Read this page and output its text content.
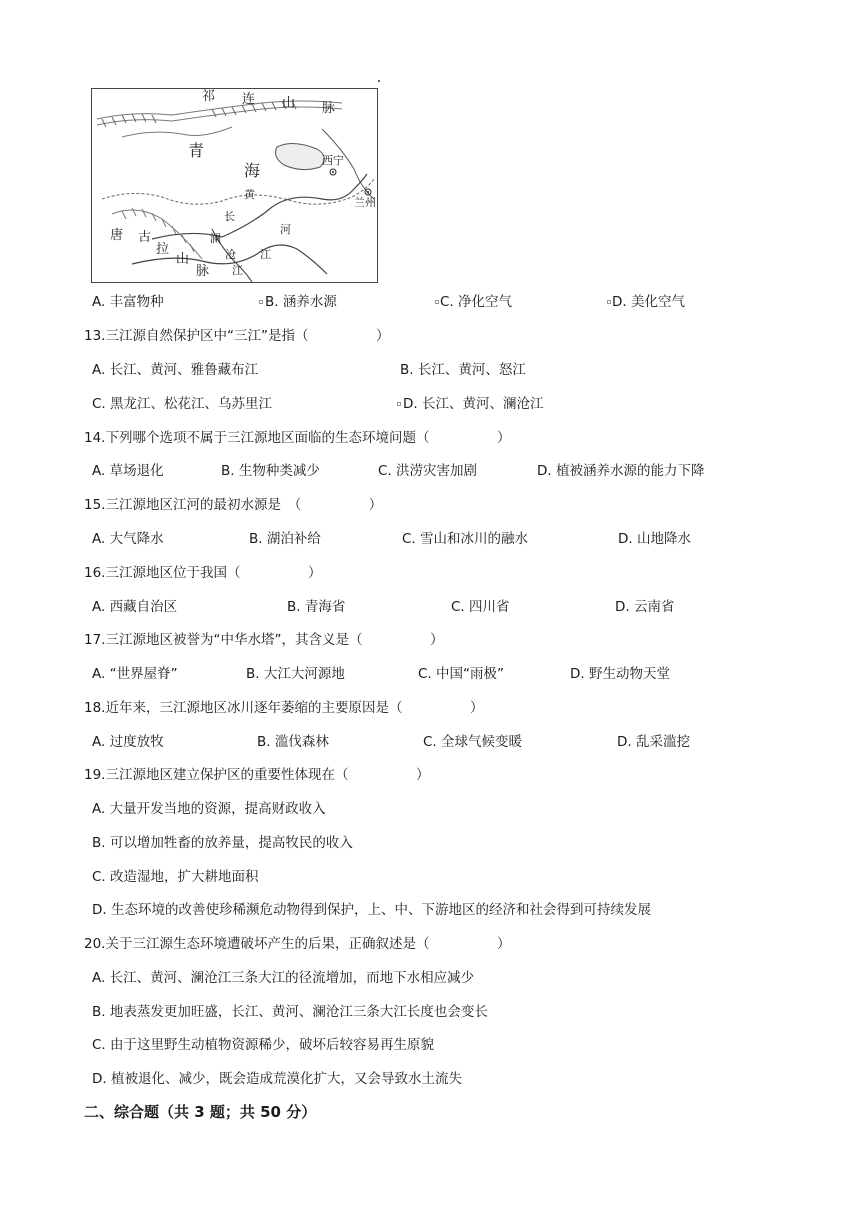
祁 连 山 脉
青
海
西宁
兰州
黄
河
长
江
澜
沧
江
唐 古
拉
山
脉
A. 丰富物种	B. 涵养水源	C. 净化空气	D. 美化空气
13.三江源自然保护区中“三江”是指（　　　　　）
A. 长江、黄河、雅鲁藏布江	B. 长江、黄河、怒江
C. 黑龙江、松花江、乌苏里江	D. 长江、黄河、澜沧江
14.下列哪个选项不属于三江源地区面临的生态环境问题（　　　　　）
A. 草场退化	B. 生物种类减少	C. 洪涝灾害加剧	D. 植被涵养水源的能力下降
15.三江源地区江河的最初水源是　（　　　　　）
A. 大气降水	B. 湖泊补给	C. 雪山和冰川的融水	D. 山地降水
16.三江源地区位于我国（　　　　　）
A. 西藏自治区	B. 青海省	C. 四川省	D. 云南省
17.三江源地区被誉为“中华水塔”，其含义是（　　　　　）
A. “世界屋脊”	B. 大江大河源地	C. 中国“雨极”	D. 野生动物天堂
18.近年来，三江源地区冰川逐年萎缩的主要原因是（　　　　　）
A. 过度放牧	B. 滥伐森林	C. 全球气候变暖	D. 乱采滥挖
19.三江源地区建立保护区的重要性体现在（　　　　　）
A. 大量开发当地的资源，提高财政收入
B. 可以增加牲畜的放养量，提高牧民的收入
C. 改造湿地，扩大耕地面积
D. 生态环境的改善使珍稀濒危动物得到保护，上、中、下游地区的经济和社会得到可持续发展
20.关于三江源生态环境遭破坏产生的后果，正确叙述是（　　　　　）
A. 长江、黄河、澜沧江三条大江的径流增加，而地下水相应减少
B. 地表蒸发更加旺盛，长江、黄河、澜沧江三条大江长度也会变长
C. 由于这里野生动植物资源稀少，破坏后较容易再生原貌
D. 植被退化、减少，既会造成荒漠化扩大，又会导致水土流失
二、综合题（共 3 题；共 50 分）
